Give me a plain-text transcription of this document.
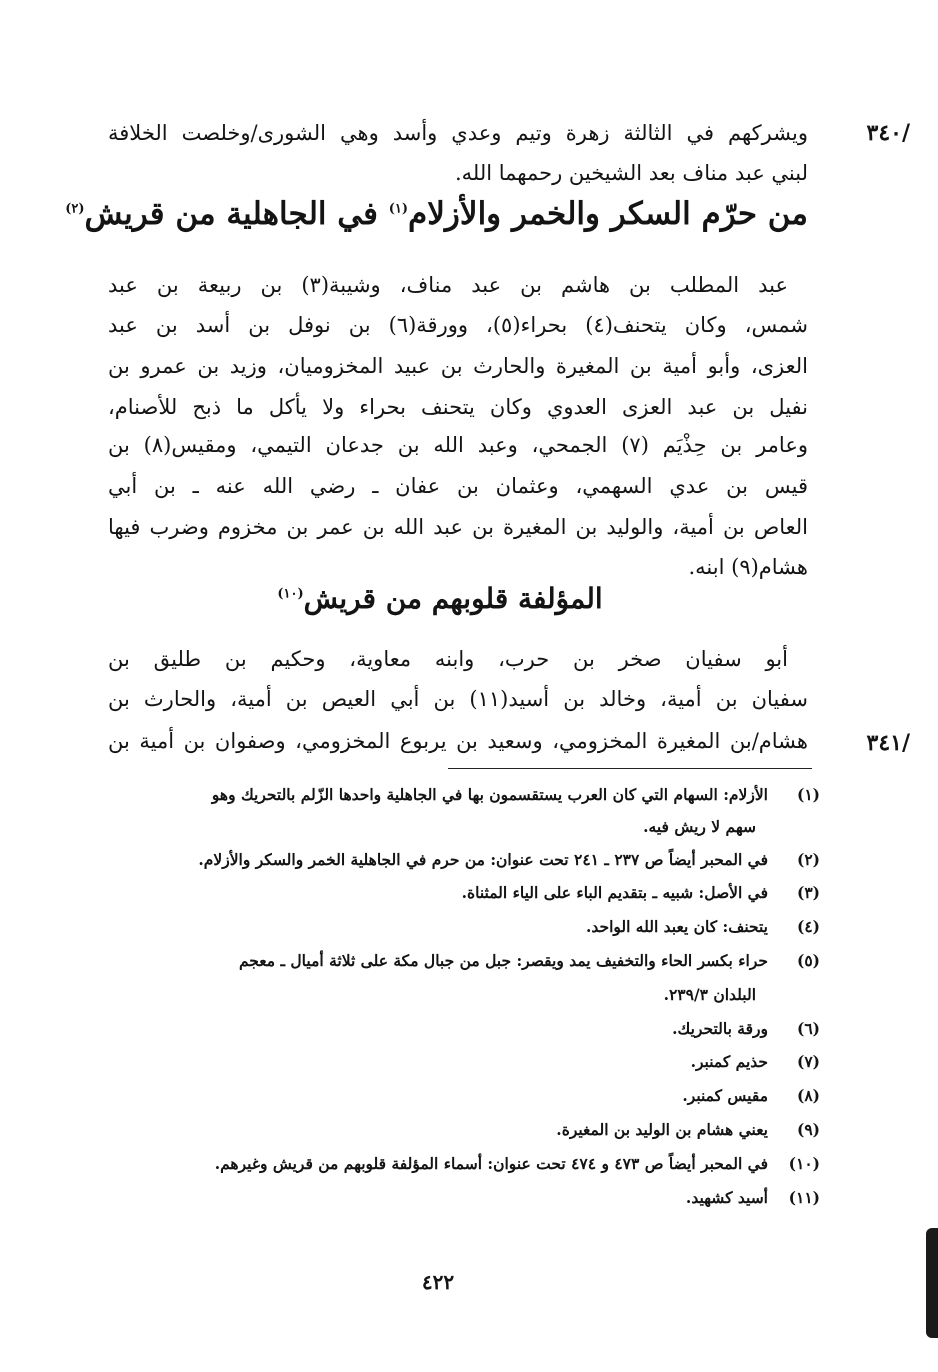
٣٤٠/
ويشركهم في الثالثة زهرة وتيم وعدي وأسد وهي الشورى/وخلصت الخلافة
لبني عبد مناف بعد الشيخين رحمهما الله.
من حرّم السكر والخمر والأزلام$^{(١)}$ في الجاهلية من قريش$^{(٢)}$
عبد المطلب بن هاشم بن عبد مناف، وشيبة(٣) بن ربيعة بن عبد
شمس، وكان يتحنف(٤) بحراء(٥)، وورقة(٦) بن نوفل بن أسد بن عبد
العزى، وأبو أمية بن المغيرة والحارث بن عبيد المخزوميان، وزيد بن عمرو بن
نفيل بن عبد العزى العدوي وكان يتحنف بحراء ولا يأكل ما ذبح للأصنام،
وعامر بن حِذْيَم (٧) الجمحي، وعبد الله بن جدعان التيمي، ومقيس(٨) بن
قيس بن عدي السهمي، وعثمان بن عفان ـ رضي الله عنه ـ بن أبي
العاص بن أمية، والوليد بن المغيرة بن عبد الله بن عمر بن مخزوم وضرب فيها
هشام(٩) ابنه.
المؤلفة قلوبهم من قريش$^{(١٠)}$
أبو سفيان صخر بن حرب، وابنه معاوية، وحكيم بن طليق بن
سفيان بن أمية، وخالد بن أسيد(١١) بن أبي العيص بن أمية، والحارث بن
هشام/بن المغيرة المخزومي، وسعيد بن يربوع المخزومي، وصفوان بن أمية بن	٣٤١/
(١)الأزلام: السهام التي كان العرب يستقسمون بها في الجاهلية واحدها الزّلم بالتحريك وهو
سهم لا ريش فيه.
(٢)في المحبر أيضاً ص ٢٣٧ ـ ٢٤١ تحت عنوان: من حرم في الجاهلية الخمر والسكر والأزلام.
(٣)في الأصل: شبيه ـ بتقديم الباء على الياء المثناة.
(٤)يتحنف: كان يعبد الله الواحد.
(٥)حراء بكسر الحاء والتخفيف يمد ويقصر: جبل من جبال مكة على ثلاثة أميال ـ معجم
البلدان ٢٣٩/٣.
(٦)ورقة بالتحريك.
(٧)حذيم كمنبر.
(٨)مقيس كمنبر.
(٩)يعني هشام بن الوليد بن المغيرة.
(١٠)في المحبر أيضاً ص ٤٧٣ و ٤٧٤ تحت عنوان: أسماء المؤلفة قلوبهم من قريش وغيرهم.
(١١)أسيد كشهيد.
٤٢٢
